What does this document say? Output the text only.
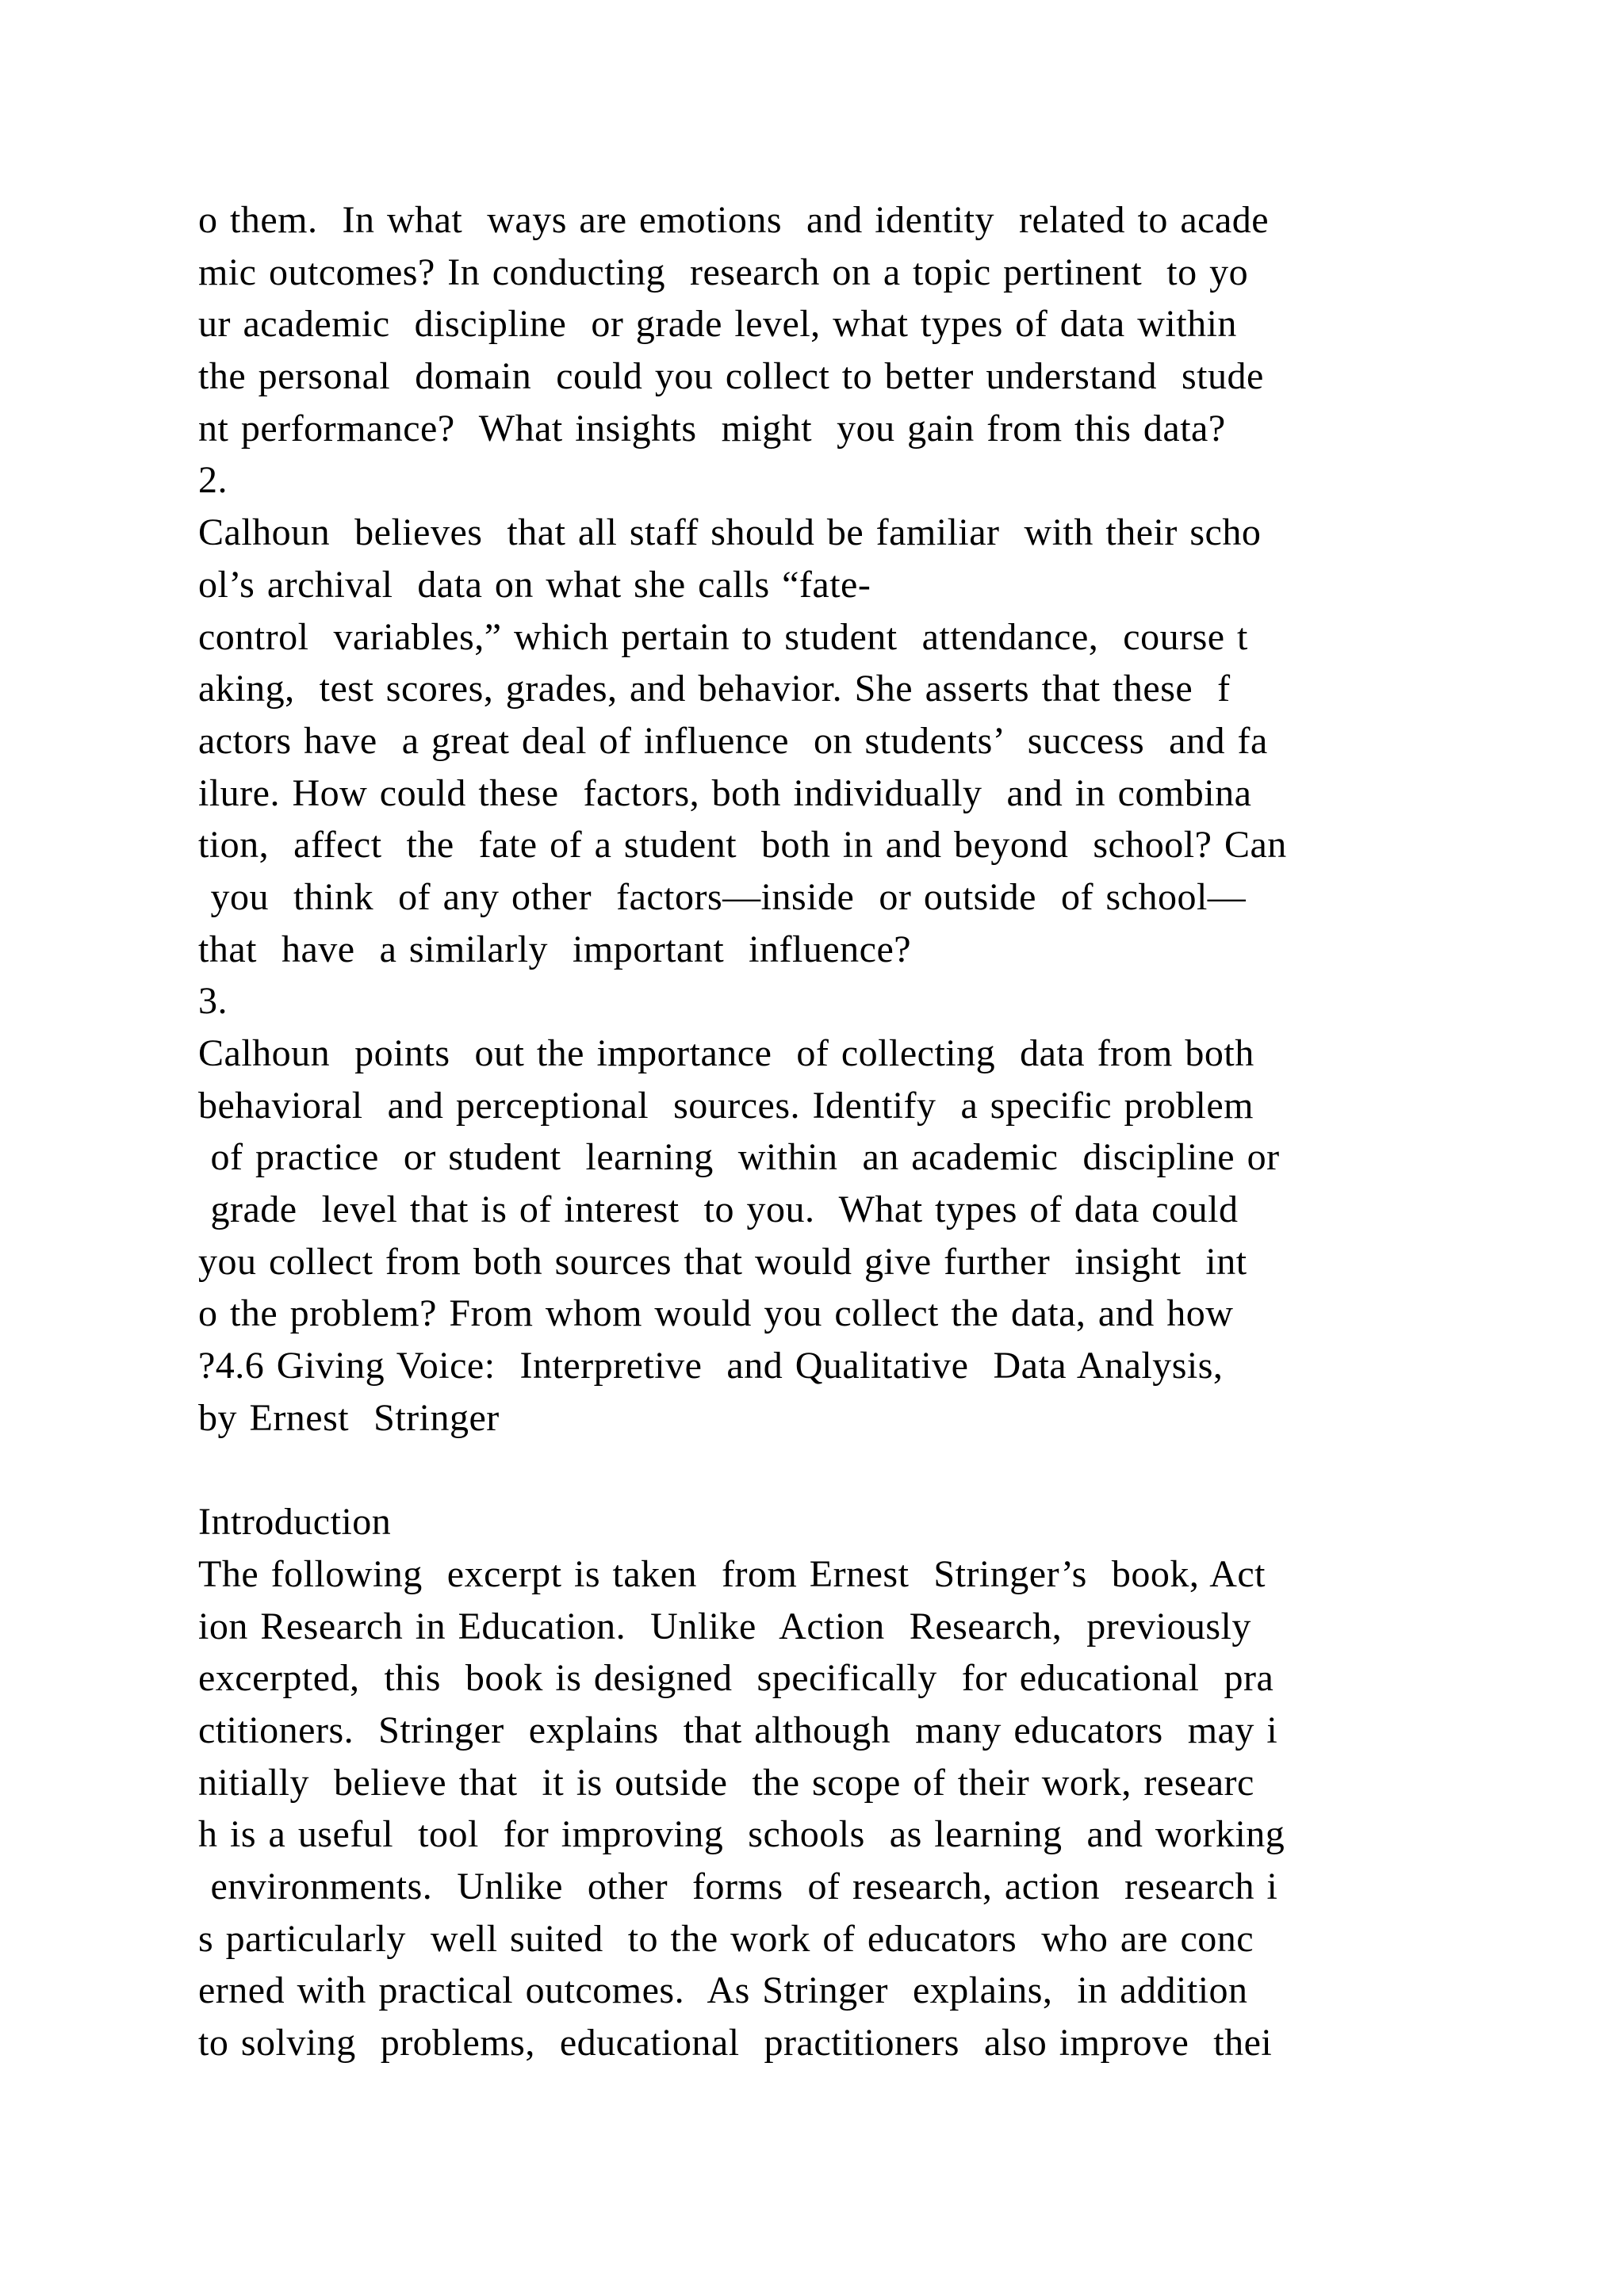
o them.  In what  ways are emotions  and identity  related to acade
mic outcomes? In conducting  research on a topic pertinent  to yo
ur academic  discipline  or grade level, what types of data within
the personal  domain  could you collect to better understand  stude
nt performance?  What insights  might  you gain from this data?
2.
Calhoun  believes  that all staff should be familiar  with their scho
ol’s archival  data on what she calls “fate-
control  variables,” which pertain to student  attendance,  course t
aking,  test scores, grades, and behavior. She asserts that these  f
actors have  a great deal of influence  on students’  success  and fa
ilure. How could these  factors, both individually  and in combina
tion,  affect  the  fate of a student  both in and beyond  school? Can
you  think  of any other  factors—inside  or outside  of school—
that  have  a similarly  important  influence?
3.
Calhoun  points  out the importance  of collecting  data from both
behavioral  and perceptional  sources. Identify  a specific problem
of practice  or student  learning  within  an academic  discipline or
grade  level that is of interest  to you.  What types of data could
you collect from both sources that would give further  insight  int
o the problem? From whom would you collect the data, and how
?4.6 Giving Voice:  Interpretive  and Qualitative  Data Analysis,
by Ernest  Stringer
Introduction
The following  excerpt is taken  from Ernest  Stringer’s  book, Act
ion Research in Education.  Unlike  Action  Research,  previously
excerpted,  this  book is designed  specifically  for educational  pra
ctitioners.  Stringer  explains  that although  many educators  may i
nitially  believe that  it is outside  the scope of their work, researc
h is a useful  tool  for improving  schools  as learning  and working
environments.  Unlike  other  forms  of research, action  research i
s particularly  well suited  to the work of educators  who are conc
erned with practical outcomes.  As Stringer  explains,  in addition
to solving  problems,  educational  practitioners  also improve  thei
